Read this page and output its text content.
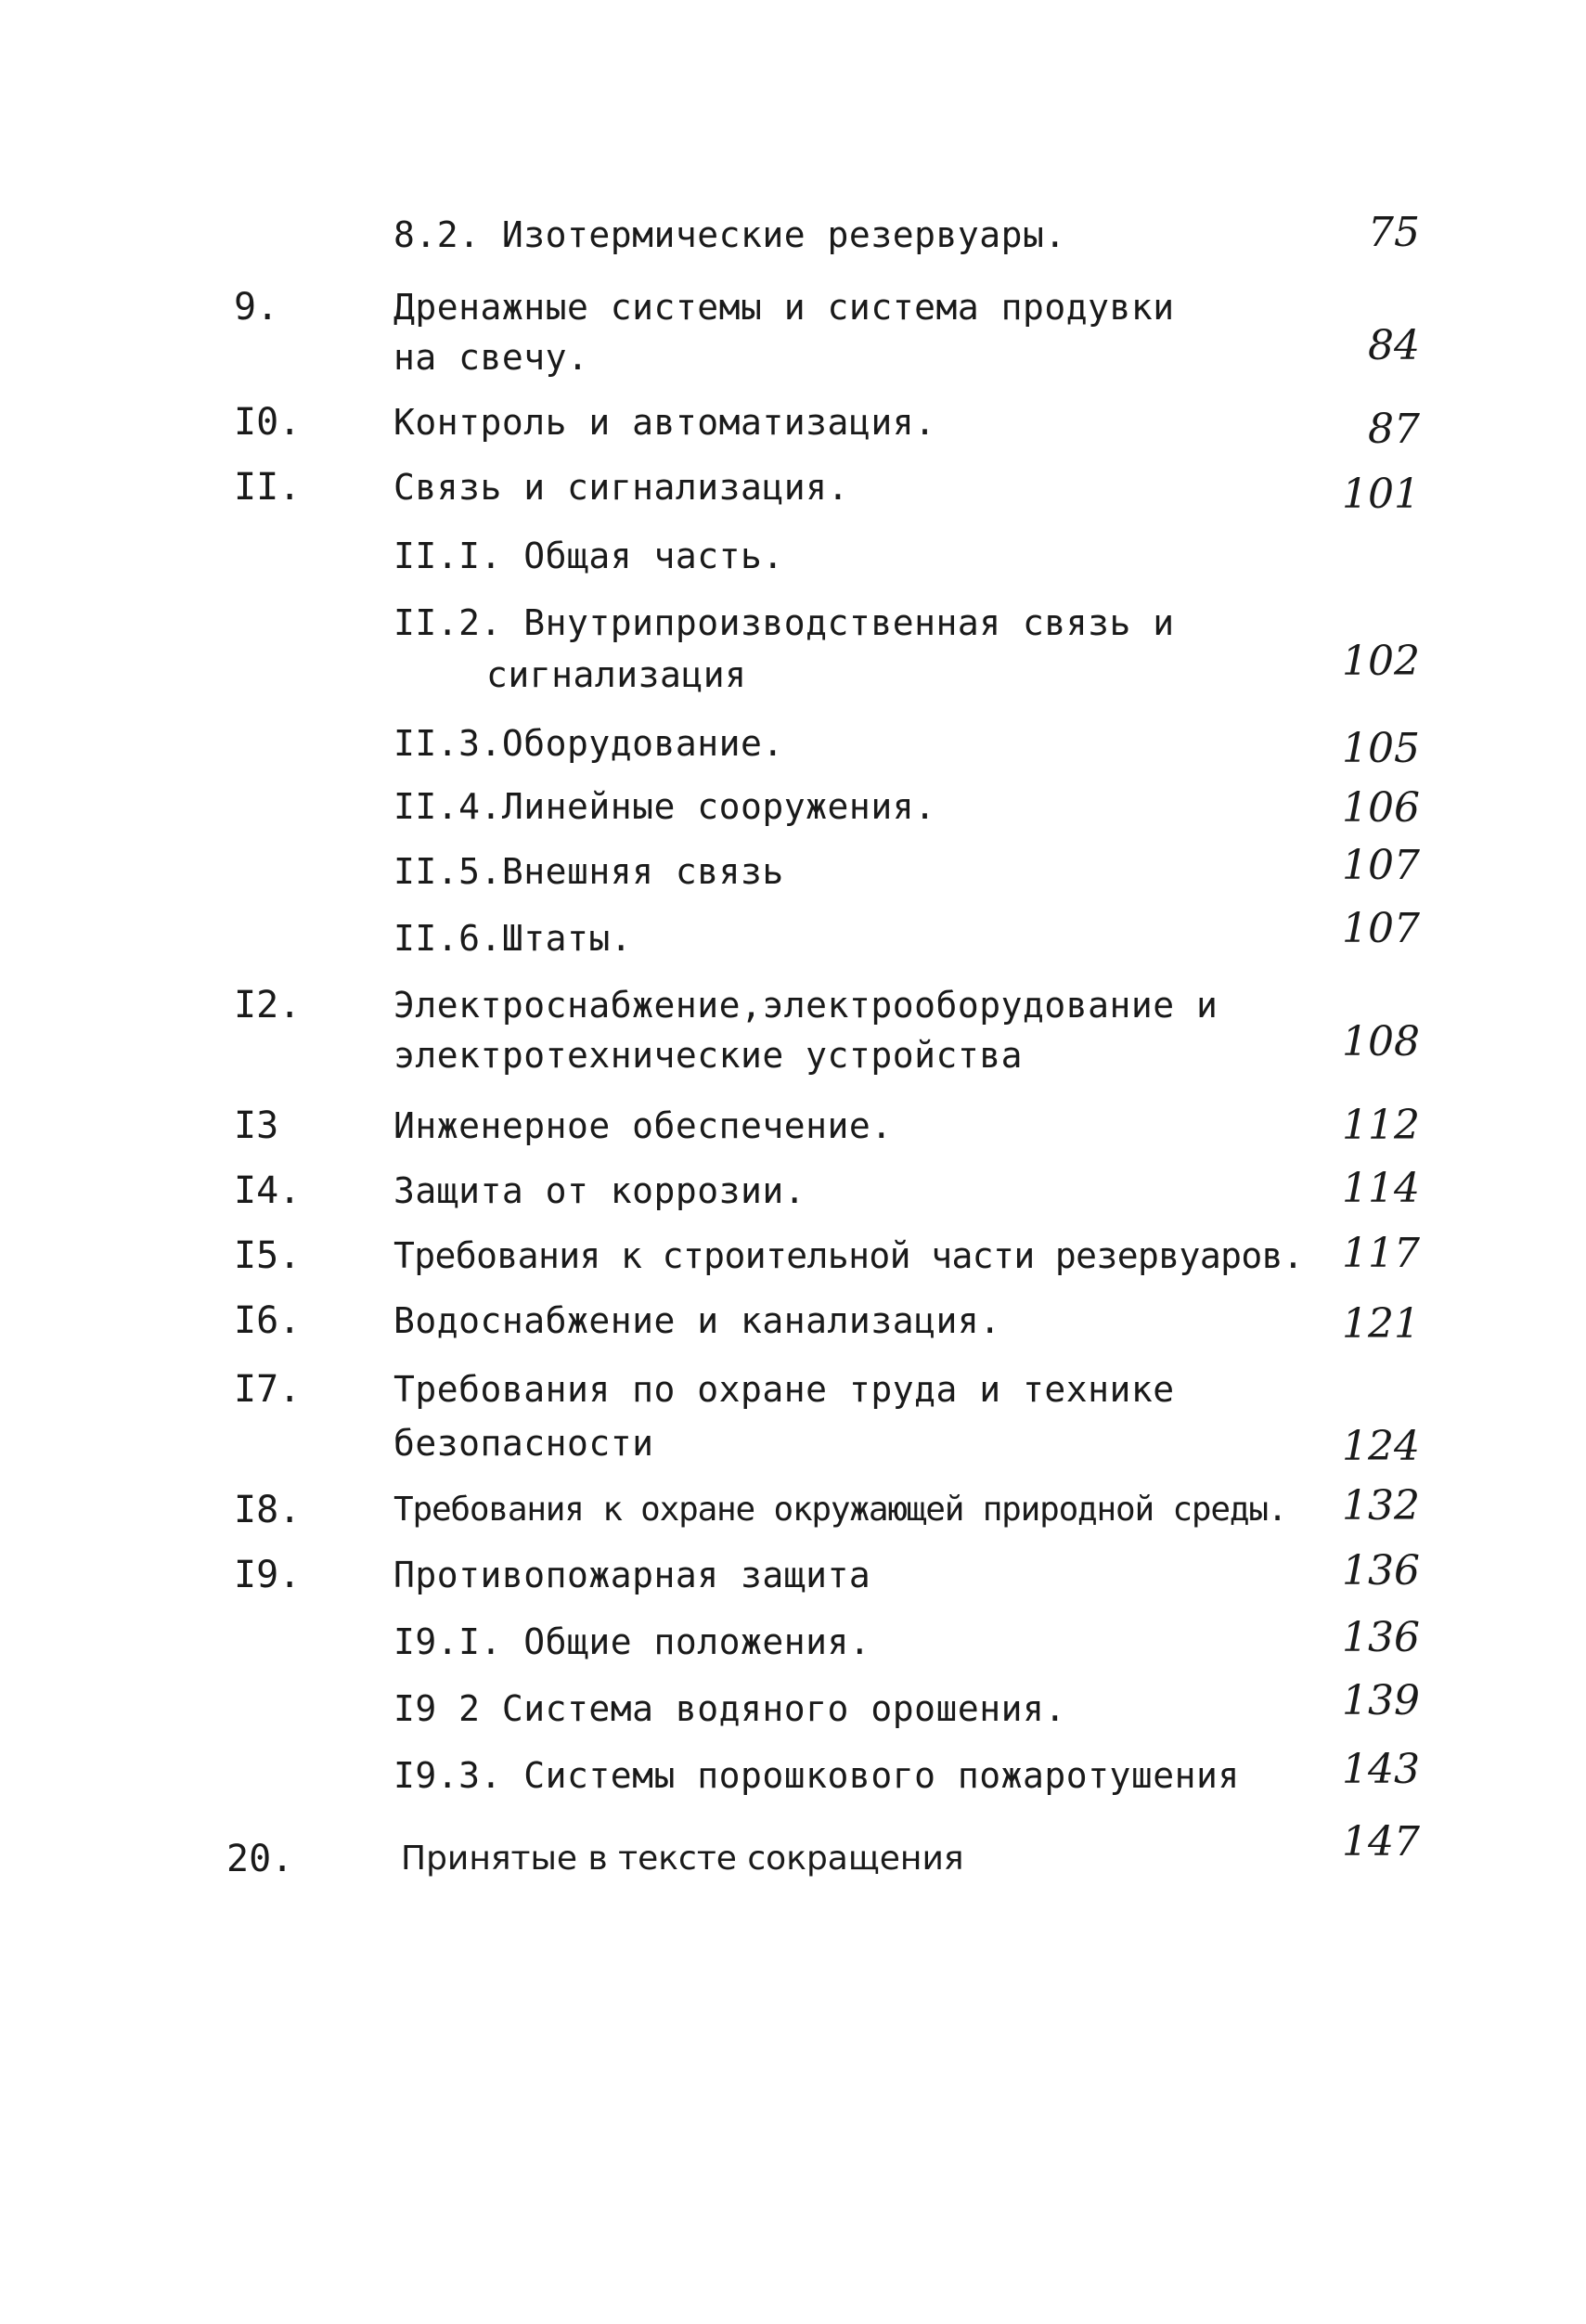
8.2. Изотермические резервуары.	75
9.	Дренажные системы и система продувки
на свечу.	84
I0.	Контроль и автоматизация.	87
II.	Связь и сигнализация.	101
II.I. Общая часть.
II.2. Внутрипроизводственная связь и
сигнализация	102
II.3.Оборудование.	105
II.4.Линейные сооружения.	106
II.5.Внешняя связь	107
II.6.Штаты.	107
I2.	Электроснабжение,электрооборудование и
электротехнические устройства	108
I3	Инженерное обеспечение.	112
I4.	Защита от коррозии.	114
I5.	Требования к строительной части резервуаров. 117
I6.	Водоснабжение и канализация.	121
I7.	Требования по охране труда и технике
безопасности	124
I8.	Требования к охране окружающей природной среды.	132
I9.	Противопожарная защита	136
I9.I. Общие положения.	136
I9 2 Система водяного орошения.	139
I9.3. Системы порошкового пожаротушения	143
20.	Принятые в тексте сокращения	147
